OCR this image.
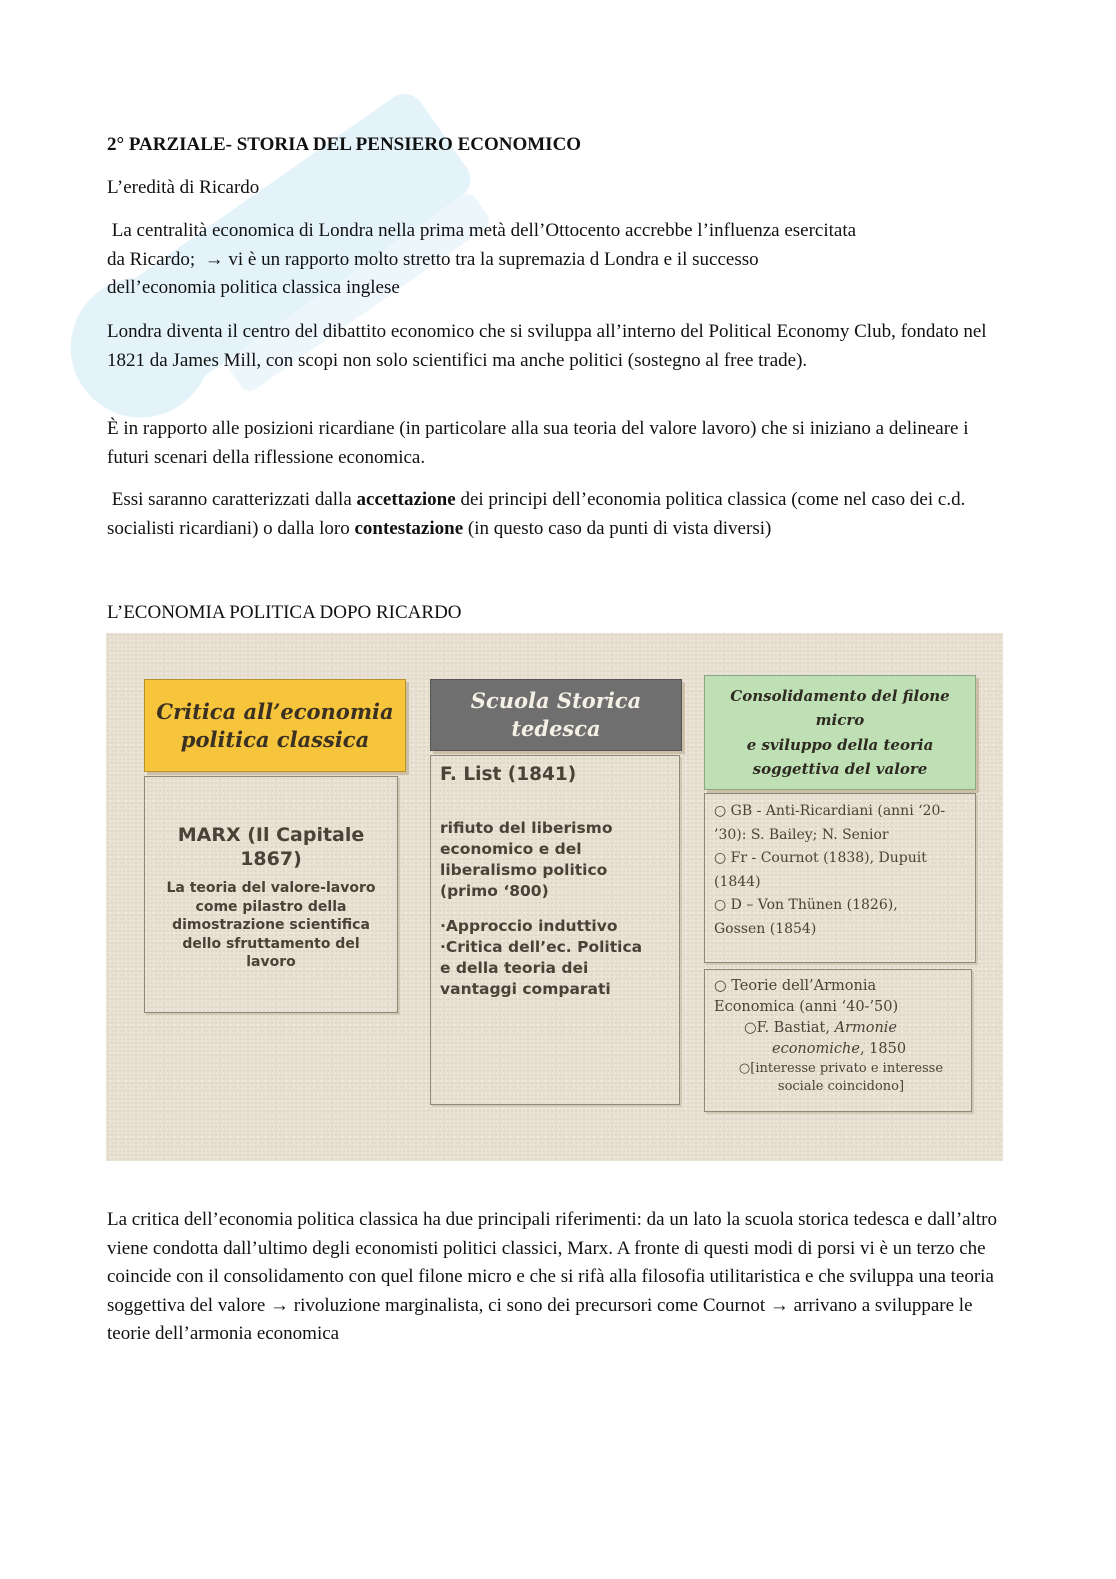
2° PARZIALE- STORIA DEL PENSIERO ECONOMICO

L’eredità di Ricardo

La centralità economica di Londra nella prima metà dell’Ottocento accrebbe l’influenza esercitata
da Ricardo;  → vi è un rapporto molto stretto tra la supremazia d Londra e il successo
dell’economia politica classica inglese

Londra diventa il centro del dibattito economico che si sviluppa all’interno del Political Economy Club, fondato nel 1821 da James Mill, con scopi non solo scientifici ma anche politici (sostegno al free trade).

È in rapporto alle posizioni ricardiane (in particolare alla sua teoria del valore lavoro) che si iniziano a delineare i futuri scenari della riflessione economica.

Essi saranno caratterizzati dalla accettazione dei principi dell’economia politica classica (come nel caso dei c.d. socialisti ricardiani) o dalla loro contestazione (in questo caso da punti di vista diversi)

L’ECONOMIA POLITICA DOPO RICARDO

Critica all’economia
politica classica
MARX (Il Capitale
1867)
La teoria del valore-lavoro
come pilastro della
dimostrazione scientifica
dello sfruttamento del
lavoro
Scuola Storica
tedesca
F. List (1841)
rifiuto del liberismo
economico e del
liberalismo politico
(primo ‘800)
·Approccio induttivo
·Critica dell’ec. Politica
e della teoria dei
vantaggi comparati
Consolidamento del filone
micro
e sviluppo della teoria
soggettiva del valore
○ GB - Anti-Ricardiani (anni ‘20-
’30): S. Bailey; N. Senior
○ Fr - Cournot (1838), Dupuit
(1844)
○ D – Von Thünen (1826),
Gossen (1854)
○ Teorie dell’Armonia
Economica (anni ‘40-’50)
○F. Bastiat, Armonie
economiche, 1850
○[interesse privato e interesse
sociale coincidono]

La critica dell’economia politica classica ha due principali riferimenti: da un lato la scuola storica tedesca e dall’altro viene condotta dall’ultimo degli economisti politici classici, Marx. A fronte di questi modi di porsi vi è un terzo che coincide con il consolidamento con quel filone micro e che si rifà alla filosofia utilitaristica e che sviluppa una teoria soggettiva del valore → rivoluzione marginalista, ci sono dei precursori come Cournot → arrivano a sviluppare le teorie dell’armonia economica
